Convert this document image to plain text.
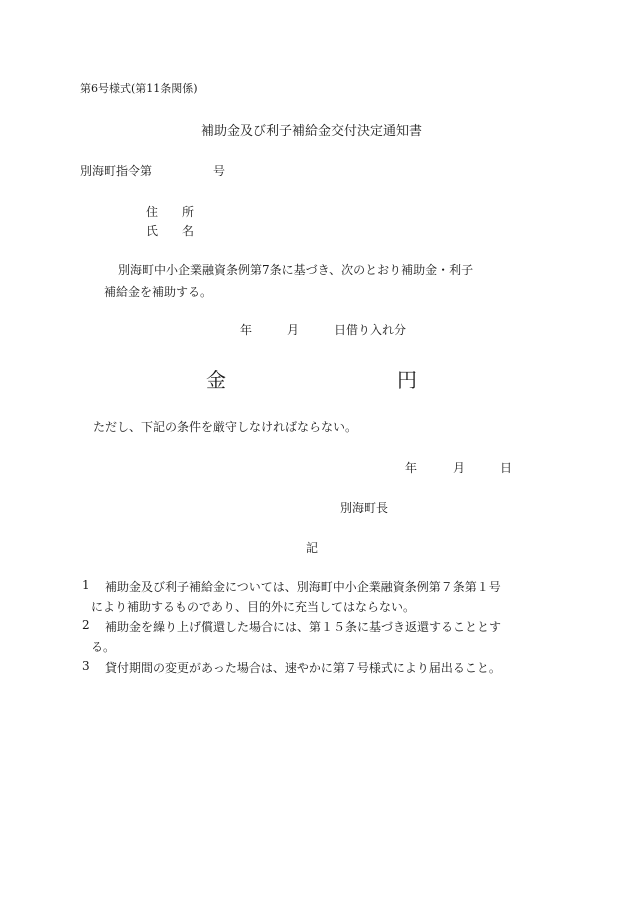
第6号様式(第11条関係)
補助金及び利子補給金交付決定通知書
別海町指令第	号
住　　所
氏　　名
別海町中小企業融資条例第7条に基づき、次のとおり補助金・利子
補給金を補助する。
年	月	日借り入れ分
金	円
ただし、下記の条件を厳守しなければならない。
年	月	日
別海町長
記
1 補助金及び利子補給金については、別海町中小企業融資条例第７条第１号
により補助するものであり、目的外に充当してはならない。
2 補助金を繰り上げ償還した場合には、第１５条に基づき返還することとす
る。
3 貸付期間の変更があった場合は、速やかに第７号様式により届出ること。
